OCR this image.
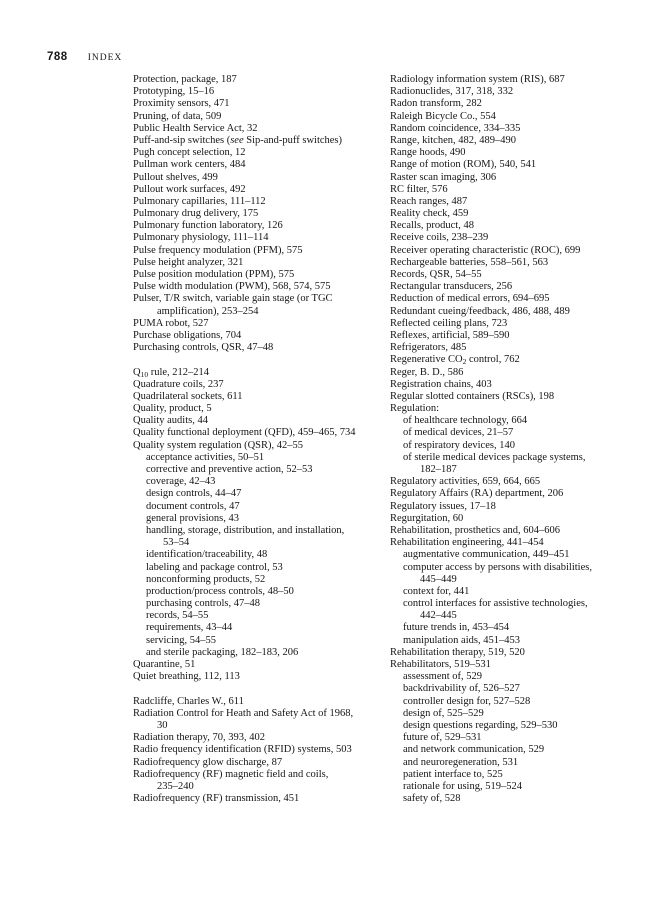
788 INDEX
Protection, package, 187
Prototyping, 15–16
Proximity sensors, 471
Pruning, of data, 509
Public Health Service Act, 32
Puff-and-sip switches (see Sip-and-puff switches)
Pugh concept selection, 12
Pullman work centers, 484
Pullout shelves, 499
Pullout work surfaces, 492
Pulmonary capillaries, 111–112
Pulmonary drug delivery, 175
Pulmonary function laboratory, 126
Pulmonary physiology, 111–114
Pulse frequency modulation (PFM), 575
Pulse height analyzer, 321
Pulse position modulation (PPM), 575
Pulse width modulation (PWM), 568, 574, 575
Pulser, T/R switch, variable gain stage (or TGC
amplification), 253–254
PUMA robot, 527
Purchase obligations, 704
Purchasing controls, QSR, 47–48
$Q_{10}$ rule, 212–214
Quadrature coils, 237
Quadrilateral sockets, 611
Quality, product, 5
Quality audits, 44
Quality functional deployment (QFD), 459–465, 734
Quality system regulation (QSR), 42–55
acceptance activities, 50–51
corrective and preventive action, 52–53
coverage, 42–43
design controls, 44–47
document controls, 47
general provisions, 43
handling, storage, distribution, and installation,
53–54
identification/traceability, 48
labeling and package control, 53
nonconforming products, 52
production/process controls, 48–50
purchasing controls, 47–48
records, 54–55
requirements, 43–44
servicing, 54–55
and sterile packaging, 182–183, 206
Quarantine, 51
Quiet breathing, 112, 113
Radcliffe, Charles W., 611
Radiation Control for Heath and Safety Act of 1968,
30
Radiation therapy, 70, 393, 402
Radio frequency identification (RFID) systems, 503
Radiofrequency glow discharge, 87
Radiofrequency (RF) magnetic field and coils,
235–240
Radiofrequency (RF) transmission, 451
Radiology information system (RIS), 687
Radionuclides, 317, 318, 332
Radon transform, 282
Raleigh Bicycle Co., 554
Random coincidence, 334–335
Range, kitchen, 482, 489–490
Range hoods, 490
Range of motion (ROM), 540, 541
Raster scan imaging, 306
RC filter, 576
Reach ranges, 487
Reality check, 459
Recalls, product, 48
Receive coils, 238–239
Receiver operating characteristic (ROC), 699
Rechargeable batteries, 558–561, 563
Records, QSR, 54–55
Rectangular transducers, 256
Reduction of medical errors, 694–695
Redundant cueing/feedback, 486, 488, 489
Reflected ceiling plans, 723
Reflexes, artificial, 589–590
Refrigerators, 485
Regenerative $CO_2$ control, 762
Reger, B. D., 586
Registration chains, 403
Regular slotted containers (RSCs), 198
Regulation:
of healthcare technology, 664
of medical devices, 21–57
of respiratory devices, 140
of sterile medical devices package systems,
182–187
Regulatory activities, 659, 664, 665
Regulatory Affairs (RA) department, 206
Regulatory issues, 17–18
Regurgitation, 60
Rehabilitation, prosthetics and, 604–606
Rehabilitation engineering, 441–454
augmentative communication, 449–451
computer access by persons with disabilities,
445–449
context for, 441
control interfaces for assistive technologies,
442–445
future trends in, 453–454
manipulation aids, 451–453
Rehabilitation therapy, 519, 520
Rehabilitators, 519–531
assessment of, 529
backdrivability of, 526–527
controller design for, 527–528
design of, 525–529
design questions regarding, 529–530
future of, 529–531
and network communication, 529
and neuroregeneration, 531
patient interface to, 525
rationale for using, 519–524
safety of, 528
